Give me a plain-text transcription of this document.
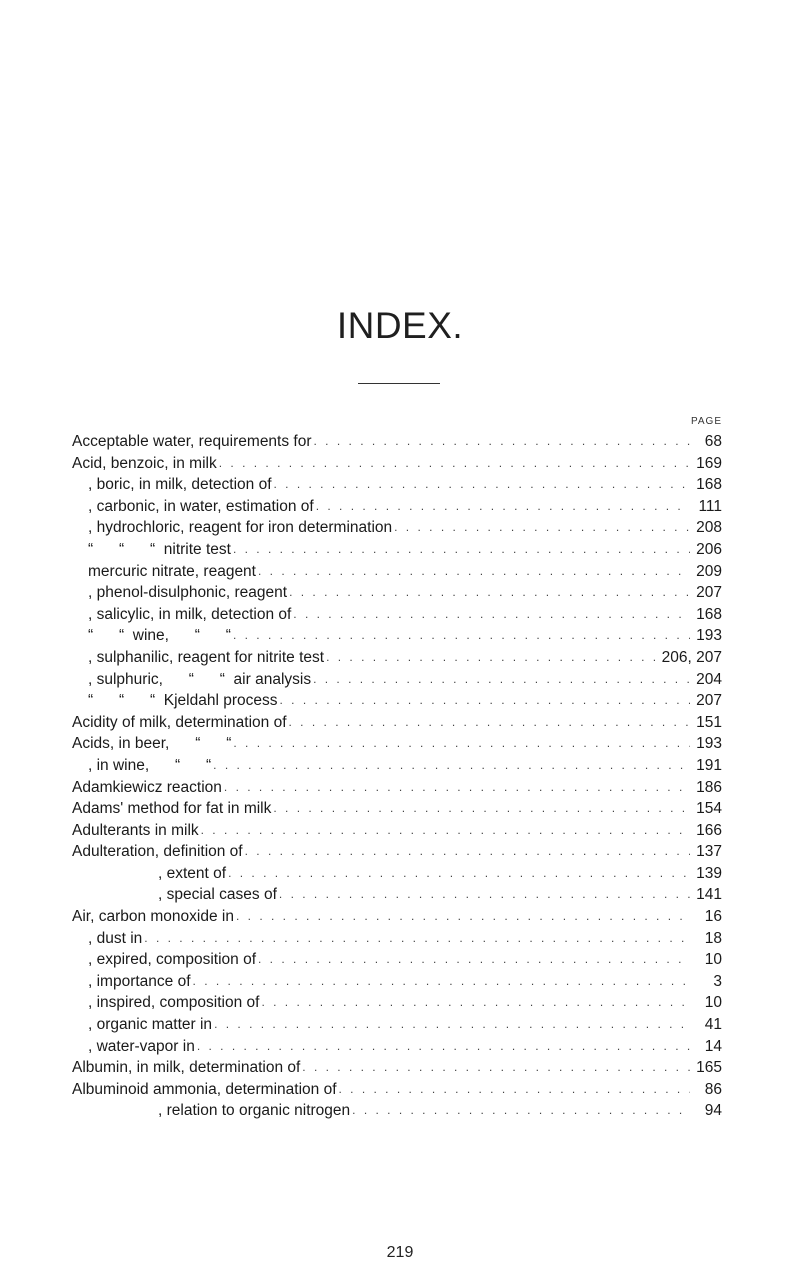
INDEX.
PAGE
Acceptable water, requirements for . . .	68
Acid, benzoic, in milk . . .	169
, boric, in milk, detection of . . .	168
, carbonic, in water, estimation of . . .	111
, hydrochloric, reagent for iron determination . . .	208
“      “      “  nitrite test . . .	206
mercuric nitrate, reagent . . .	209
, phenol-disulphonic, reagent . . .	207
, salicylic, in milk, detection of . . .	168
“      “  wine,      “      “ . . .	193
, sulphanilic, reagent for nitrite test . . .	206, 207
, sulphuric,      “      “  air analysis . . .	204
“      “      “  Kjeldahl process . . .	207
Acidity of milk, determination of . . .	151
Acids, in beer,      “      “ . . .	193
, in wine,      “      “ . . .	191
Adamkiewicz reaction . . .	186
Adams' method for fat in milk . . .	154
Adulterants in milk . . .	166
Adulteration, definition of . . .	137
, extent of . . .	139
, special cases of . . .	141
Air, carbon monoxide in . . .	16
, dust in . . .	18
, expired, composition of . . .	10
, importance of . . .	3
, inspired, composition of . . .	10
, organic matter in . . .	41
, water-vapor in . . .	14
Albumin, in milk, determination of . . .	165
Albuminoid ammonia, determination of . . .	86
, relation to organic nitrogen . . .	94
219
